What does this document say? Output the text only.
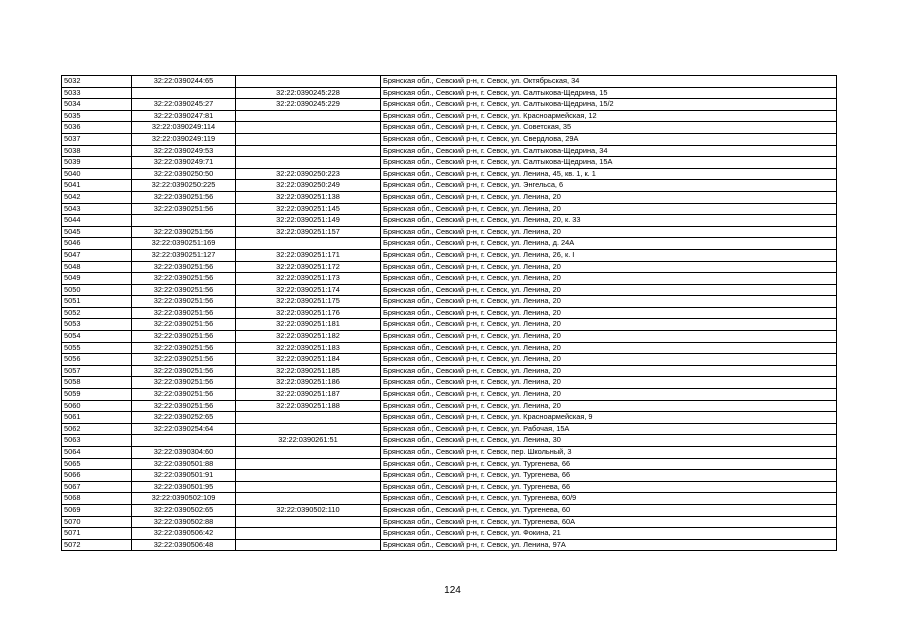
5032	32:22:0390244:65		Брянская обл., Севский р-н, г. Севск, ул. Октябрьская, 34
5033		32:22:0390245:228	Брянская обл., Севский р-н, г. Севск, ул. Салтыкова-Щедрина, 15
5034	32:22:0390245:27	32:22:0390245:229	Брянская обл., Севский р-н, г. Севск, ул. Салтыкова-Щедрина, 15/2
5035	32:22:0390247:81		Брянская обл., Севский р-н, г. Севск, ул. Красноармейская, 12
5036	32:22:0390249:114		Брянская обл., Севский р-н, г. Севск, ул. Советская, 35
5037	32:22:0390249:119		Брянская обл., Севский р-н, г. Севск, ул. Свердлова, 29А
5038	32:22:0390249:53		Брянская обл., Севский р-н, г. Севск, ул. Салтыкова-Щедрина, 34
5039	32:22:0390249:71		Брянская обл., Севский р-н, г. Севск, ул. Салтыкова-Щедрина, 15А
5040	32:22:0390250:50	32:22:0390250:223	Брянская обл., Севский р-н, г. Севск, ул. Ленина, 45, кв. 1, к. 1
5041	32:22:0390250:225	32:22:0390250:249	Брянская обл., Севский р-н, г. Севск, ул. Энгельса, 6
5042	32:22:0390251:56	32:22:0390251:138	Брянская обл., Севский р-н, г. Севск, ул. Ленина, 20
5043	32:22:0390251:56	32:22:0390251:145	Брянская обл., Севский р-н, г. Севск, ул. Ленина, 20
5044		32:22:0390251:149	Брянская обл., Севский р-н, г. Севск, ул. Ленина, 20, к. 33
5045	32:22:0390251:56	32:22:0390251:157	Брянская обл., Севский р-н, г. Севск, ул. Ленина, 20
5046	32:22:0390251:169		Брянская обл., Севский р-н, г. Севск, ул. Ленина, д. 24А
5047	32:22:0390251:127	32:22:0390251:171	Брянская обл., Севский р-н, г. Севск, ул. Ленина, 26, к. I
5048	32:22:0390251:56	32:22:0390251:172	Брянская обл., Севский р-н, г. Севск, ул. Ленина, 20
5049	32:22:0390251:56	32:22:0390251:173	Брянская обл., Севский р-н, г. Севск, ул. Ленина, 20
5050	32:22:0390251:56	32:22:0390251:174	Брянская обл., Севский р-н, г. Севск, ул. Ленина, 20
5051	32:22:0390251:56	32:22:0390251:175	Брянская обл., Севский р-н, г. Севск, ул. Ленина, 20
5052	32:22:0390251:56	32:22:0390251:176	Брянская обл., Севский р-н, г. Севск, ул. Ленина, 20
5053	32:22:0390251:56	32:22:0390251:181	Брянская обл., Севский р-н, г. Севск, ул. Ленина, 20
5054	32:22:0390251:56	32:22:0390251:182	Брянская обл., Севский р-н, г. Севск, ул. Ленина, 20
5055	32:22:0390251:56	32:22:0390251:183	Брянская обл., Севский р-н, г. Севск, ул. Ленина, 20
5056	32:22:0390251:56	32:22:0390251:184	Брянская обл., Севский р-н, г. Севск, ул. Ленина, 20
5057	32:22:0390251:56	32:22:0390251:185	Брянская обл., Севский р-н, г. Севск, ул. Ленина, 20
5058	32:22:0390251:56	32:22:0390251:186	Брянская обл., Севский р-н, г. Севск, ул. Ленина, 20
5059	32:22:0390251:56	32:22:0390251:187	Брянская обл., Севский р-н, г. Севск, ул. Ленина, 20
5060	32:22:0390251:56	32:22:0390251:188	Брянская обл., Севский р-н, г. Севск, ул. Ленина, 20
5061	32:22:0390252:65		Брянская обл., Севский р-н, г. Севск, ул. Красноармейская, 9
5062	32:22:0390254:64		Брянская обл., Севский р-н, г. Севск, ул. Рабочая, 15А
5063		32:22:0390261:51	Брянская обл., Севский р-н, г. Севск, ул. Ленина, 30
5064	32:22:0390304:60		Брянская обл., Севский р-н, г. Севск, пер. Школьный, 3
5065	32:22:0390501:88		Брянская обл., Севский р-н, г. Севск, ул. Тургенева, 66
5066	32:22:0390501:91		Брянская обл., Севский р-н, г. Севск, ул. Тургенева, 66
5067	32:22:0390501:95		Брянская обл., Севский р-н, г. Севск, ул. Тургенева, 66
5068	32:22:0390502:109		Брянская обл., Севский р-н, г. Севск, ул. Тургенева, 60/9
5069	32:22:0390502:65	32:22:0390502:110	Брянская обл., Севский р-н, г. Севск, ул. Тургенева, 60
5070	32:22:0390502:88		Брянская обл., Севский р-н, г. Севск, ул. Тургенева, 60А
5071	32:22:0390506:42		Брянская обл., Севский р-н, г. Севск, ул. Фокина, 21
5072	32:22:0390506:48		Брянская обл., Севский р-н, г. Севск, ул. Ленина, 97А
124
